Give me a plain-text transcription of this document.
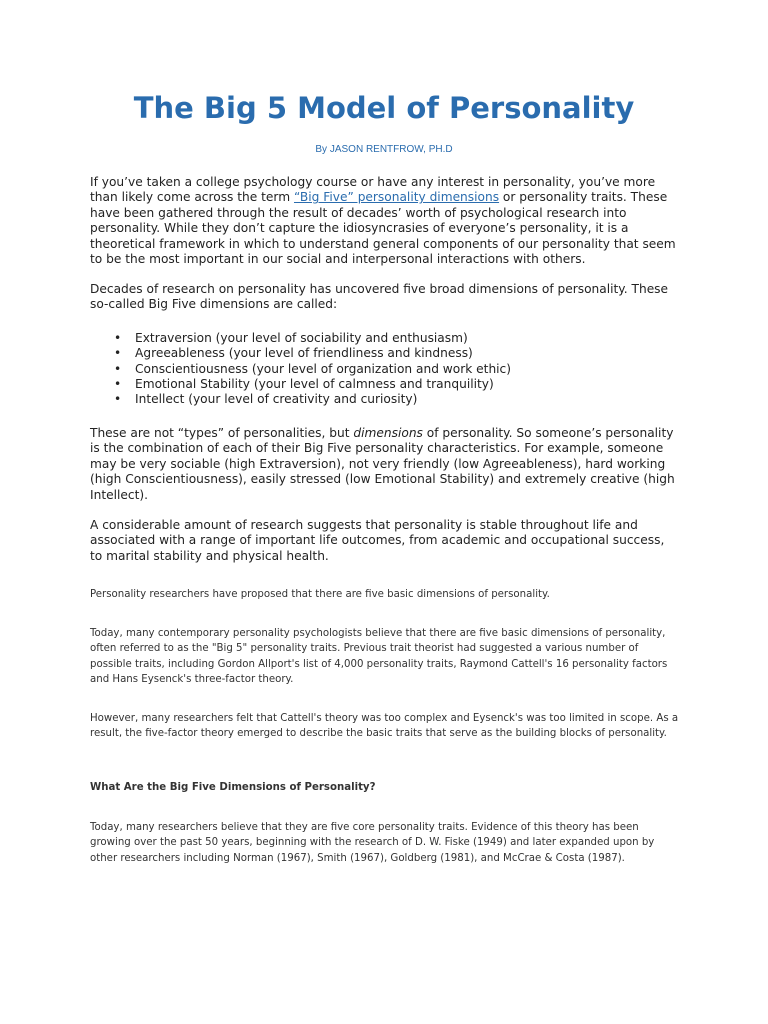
The Big 5 Model of Personality

By JASON RENTFROW, PH.D

If you’ve taken a college psychology course or have any interest in personality, you’ve more than likely come across the term “Big Five” personality dimensions or personality traits. These have been gathered through the result of decades’ worth of psychological research into personality. While they don’t capture the idiosyncrasies of everyone’s personality, it is a theoretical framework in which to understand general components of our personality that seem to be the most important in our social and interpersonal interactions with others.

Decades of research on personality has uncovered five broad dimensions of personality. These so-called Big Five dimensions are called:

• Extraversion (your level of sociability and enthusiasm)
• Agreeableness (your level of friendliness and kindness)
• Conscientiousness (your level of organization and work ethic)
• Emotional Stability (your level of calmness and tranquility)
• Intellect (your level of creativity and curiosity)

These are not “types” of personalities, but dimensions of personality. So someone’s personality is the combination of each of their Big Five personality characteristics. For example, someone may be very sociable (high Extraversion), not very friendly (low Agreeableness), hard working (high Conscientiousness), easily stressed (low Emotional Stability) and extremely creative (high Intellect).

A considerable amount of research suggests that personality is stable throughout life and associated with a range of important life outcomes, from academic and occupational success, to marital stability and physical health.

Personality researchers have proposed that there are five basic dimensions of personality.

Today, many contemporary personality psychologists believe that there are five basic dimensions of personality, often referred to as the "Big 5" personality traits. Previous trait theorist had suggested a various number of possible traits, including Gordon Allport's list of 4,000 personality traits, Raymond Cattell's 16 personality factors and Hans Eysenck's three-factor theory.

However, many researchers felt that Cattell's theory was too complex and Eysenck's was too limited in scope. As a result, the five-factor theory emerged to describe the basic traits that serve as the building blocks of personality.

What Are the Big Five Dimensions of Personality?

Today, many researchers believe that they are five core personality traits. Evidence of this theory has been growing over the past 50 years, beginning with the research of D. W. Fiske (1949) and later expanded upon by other researchers including Norman (1967), Smith (1967), Goldberg (1981), and McCrae & Costa (1987).
